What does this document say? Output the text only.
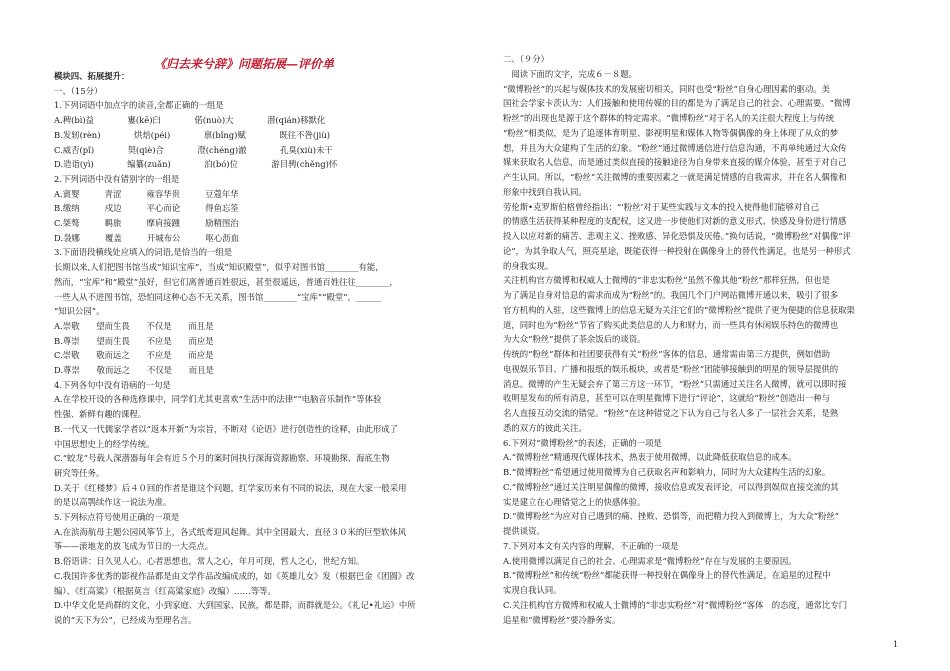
《归去来兮辞》问题拓展—评价单
模块四、拓展提升：
一、（15分）
1.下列词语中加点字的读音,全都正确的一组是
A.稗(bì)益　　　　寠(kē)臼　　　　偌(nuò)大　　　　潜(qián)移默化
B.发轫(rèn)　　　　烘焙(péi)　　　　禀(bǐng)赋　　　　既往不咎(jiù)
C.威否(pǐ)　　　　契(qiè)合　　　　澄(chéng)澈　　　　孔臭(xiù)未干
D.造诣(yì)　　　　编纂(zuǎn)　　　　泊(bó)位　　　　游目骋(chěng)怀
2.下列词语中没有错别字的一组是
A.賓婴　　　青涩　　　雍容华贵　　　豆蔻年华
B.缴纳　　　戍边　　　平心而论　　　得鱼忘筌
C.桀骜　　　羁旅　　　摩肩接踵　　　励精图治
D.袅娜　　　覆盖　　　开城布公　　　呕心沥血
3.下面语段横线处应填入的词语,是恰当的一组是
长期以来,人们把图书馆当成“知识宝库”，当成“知识殿堂”，似乎对图书馆________有能，
然而，“宝库”和“殿堂”虽好，但它们离普通百姓很远，甚至很遥远，普通百姓往往________，
一些人从不进图书馆，恐怕同这种心态不无关系，图书馆________“宝库”“殿堂”，______
“知识公园”。
A.崇敬　　望而生畏　　不仅是　　而且是
B.尊崇　　望而生畏　　不应是　　而应是
C.崇敬　　敬而远之　　不应是　　而应是
D.尊崇　　敬而远之　　不仅是　　而且是
4.下列各句中没有语病的一句是
A.在学校开设的各种选修课中，同学们尤其更喜欢“生活中的法律”“电脑音乐制作”等体验
性强、新鲜有趣的课程。
B.一代又一代儒家学者以“返本开新”为宗旨，不断对《论语》进行创造性的诠释，由此形成了
中国思想史上的经学传统。
C.“蛟龙”号载人深潜器每年会有近５个月的案时间执行深海资源勘察、环境勘探、海底生物
研究等任务。
D.关于《红楼梦》后４０回的作者是谁这个问题，红学家历来有不同的说法，现在大家一般采用
的是以高鹗续作这一说法为准。
5.下列标点符号使用正确的一项是
A.在滨海航母主题公园风筝节上，各式纸鸢迎风起舞。其中全国最大、直径３０米的巨型软体风
筝——滚地龙的放飞成为节日的一大亮点。
B.俗语讲：日久见人心。心者思想也，常人之心，年月可现，哲人之心，世纪方知。
C.我国许多优秀的影视作品都是由文学作品改编成成的，如《英雄儿女》发（根据巴金《团圆》改
编）、《红高粱》（根据莫言《红高粱家庭》改编）……等等。
D.中华文化是尚群的文化，小到家庭、大到国家、民族，都是群，而群就是公。《礼记•礼运》中所
说的“天下为公”，已经成为至理名言。
二、（９分）
　阅读下面的文字，完成６－８题。
“微博粉丝”的兴起与媒体技术的发展密切相关，同时也受“粉丝”自身心理因素的驱动。美
国社会学家卡茨认为：人们接触和使用传媒的目的都是为了满足自己的社会、心理需要。“微博
粉丝”的出现也是源于这个群体的特定需求。“微博粉丝”对于名人的关注很大程度上与传统
“粉丝”相类似，是为了追逐体育明星、影视明星和媒体人物等偶偶像的身上体现了从众的梦
想，并且为大众建构了生活的幻象。“粉丝”通过微博通信进行信息沟通，不再单纯通过大众传
媒来获取名人信息，而是通过类似直接的接触途径为自身带来直接的媒介体验，甚至于对自己
产生认同。所以，“粉丝”关注微博的重要因素之一就是满足情感的自我需求，并在名人偶像和
形象中找到自我认同。
劳伦斯•克罗斯伯格曾经指出：“‘粉丝’对于某些实践与文本的投入使得他们能够对自己
的情感生活获得某种程度的支配权，这又进一步使他们对新的意义形式、快感及身份进行情感
投入以应对新的痛苦、悲观主义、挫败感、异化恐惧及厌倦。”换句话说，“微博粉丝”对偶像“评
论”，为其争取人气，照亮星途，既能获得一种投射在偶像身上的替代性满足，也是另一种形式
的身我实现。
关注机构官方微博和权威人士微博的“非忠实粉丝”虽然不像其他“粉丝”那样狂热，但也是
为了满足自身对信息的需求而成为“粉丝”的。我国几个门户网站微博开通以来，吸引了很多
官方机构的入驻，这些微博上的信息无疑为关注它们的“微博粉丝”提供了更为便捷的信息获取渠
道，同时也为“粉丝”节省了购买此类信息的人力和财力，而一些具有休闲娱乐特色的微博也
为大众“粉丝”提供了茶余饭后的谈资。
传统的“粉丝”群体和社团要获得有关“粉丝”客体的信息，通常需由第三方提供，例如借助
电视娱乐节目、广播和报纸的娱乐板块，或者是“粉丝”团能够接触到的明星的领导层提供的
消息。微博的产生无疑会弃了第三方这一环节，“粉丝”只需通过关注名人微博，就可以即时接
收明星发布的所有消息，甚至可以在明星微博下进行“评论”，这就给“粉丝”创造出一种与
名人直接互动交流的错觉。“粉丝”在这种错觉之下认为自己与名人多了一层社会关系，是熟
悉的双方的彼此关注。
6.下列对“微博粉丝”的表述，正确的一项是
A.“微博粉丝”精通现代媒体技术，热衷于使用微博，以此降低获取信息的成本。
B.“微博粉丝”希望通过使用微博为自己获取名声和影响力，同时为大众建构生活的幻象。
C.“微博粉丝”通过关注明星偶像的微博，接收信息或发表评论，可以得到娱似直接交流的其
实是建立在心理错觉之上的快感体验。
D.“微博粉丝”为应对自己遇到的痛、挫败、恐惧等，而把精力投入到微博上，为大众“粉丝”
提供谈资。
7.下列对本文有关内容的理解，不正确的一项是
A.使用微博以满足自己的社会、心理需求是“微博粉丝”存在与发展的主要原因。
B.“微博粉丝”和传统“粉丝”都能获得一种投射在偶像身上的替代性满足，在追星的过程中
实现自我认同。
C.关注机构官方微博和权威人士微博的“非忠实粉丝”对“微博粉丝”客体　的态度，通常比专门
追星和“微博粉丝”要冷静务实。
1
